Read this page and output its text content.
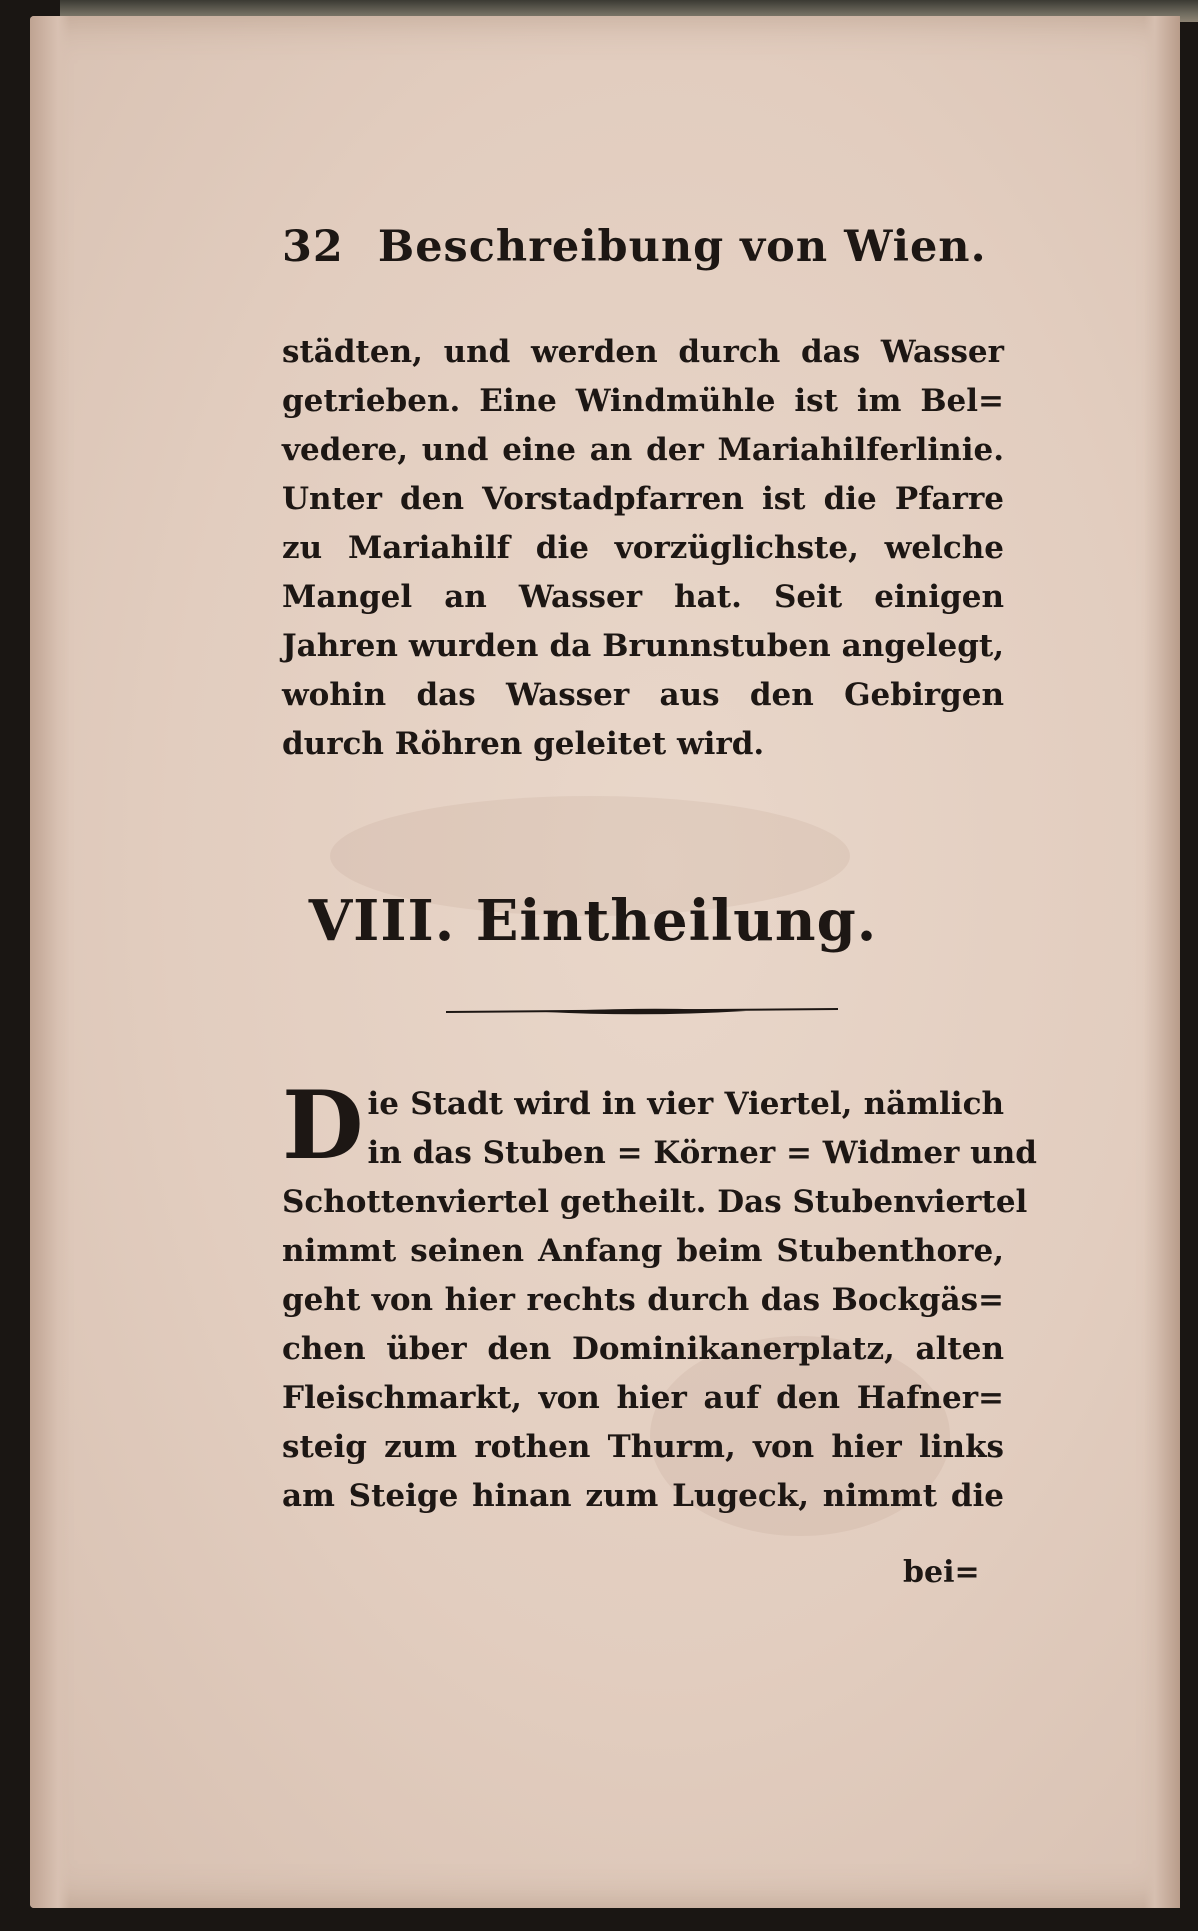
32 Beschreibung von Wien.
städten, und werden durch das Wasser
getrieben. Eine Windmühle ist im Bel=
vedere, und eine an der Mariahilferlinie.
Unter den Vorstadpfarren ist die Pfarre
zu Mariahilf die vorzüglichste, welche
Mangel an Wasser hat. Seit einigen
Jahren wurden da Brunnstuben angelegt,
wohin das Wasser aus den Gebirgen
durch Röhren geleitet wird.
VIII. Eintheilung.
D ie Stadt wird in vier Viertel, nämlich
in das Stuben = Körner = Widmer und
Schottenviertel getheilt. Das Stubenviertel
nimmt seinen Anfang beim Stubenthore,
geht von hier rechts durch das Bockgäs=
chen über den Dominikanerplatz, alten
Fleischmarkt, von hier auf den Hafner=
steig zum rothen Thurm, von hier links
am Steige hinan zum Lugeck, nimmt die
bei=
